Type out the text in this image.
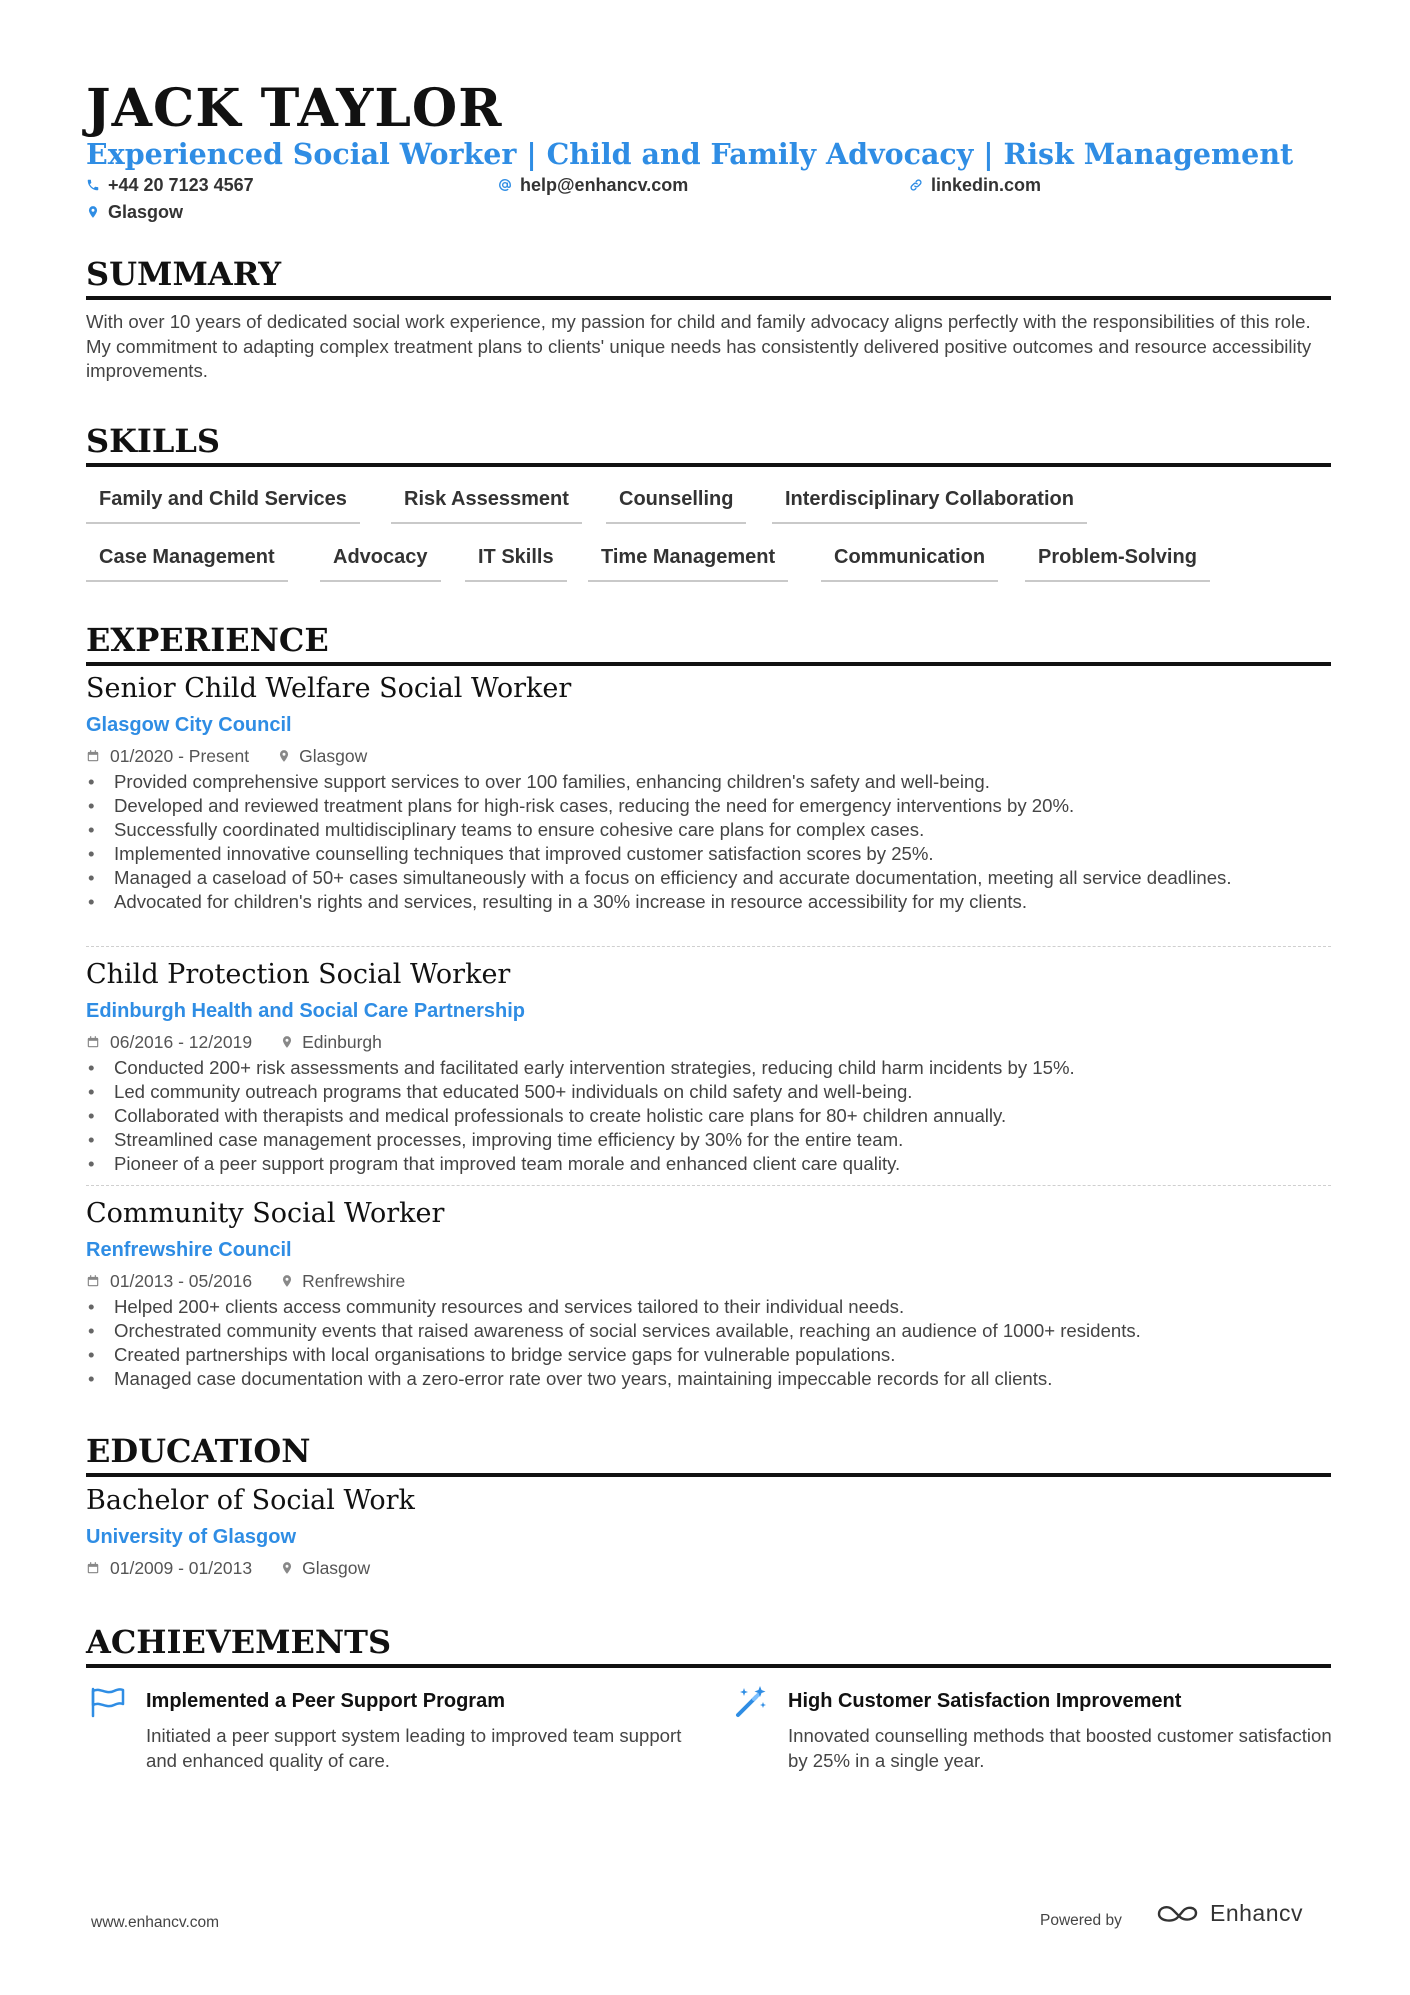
JACK TAYLOR
Experienced Social Worker | Child and Family Advocacy | Risk Management
+44 20 7123 4567	help@enhancv.com	linkedin.com
Glasgow
SUMMARY
With over 10 years of dedicated social work experience, my passion for child and family advocacy aligns perfectly with the responsibilities of this role. My commitment to adapting complex treatment plans to clients' unique needs has consistently delivered positive outcomes and resource accessibility improvements.
SKILLS
Family and Child Services	Risk Assessment	Counselling	Interdisciplinary Collaboration
Case Management	Advocacy	IT Skills	Time Management	Communication	Problem-Solving
EXPERIENCE
Senior Child Welfare Social Worker
Glasgow City Council
01/2020 - Present	Glasgow
• Provided comprehensive support services to over 100 families, enhancing children's safety and well-being.
• Developed and reviewed treatment plans for high-risk cases, reducing the need for emergency interventions by 20%.
• Successfully coordinated multidisciplinary teams to ensure cohesive care plans for complex cases.
• Implemented innovative counselling techniques that improved customer satisfaction scores by 25%.
• Managed a caseload of 50+ cases simultaneously with a focus on efficiency and accurate documentation, meeting all service deadlines.
• Advocated for children's rights and services, resulting in a 30% increase in resource accessibility for my clients.
Child Protection Social Worker
Edinburgh Health and Social Care Partnership
06/2016 - 12/2019	Edinburgh
• Conducted 200+ risk assessments and facilitated early intervention strategies, reducing child harm incidents by 15%.
• Led community outreach programs that educated 500+ individuals on child safety and well-being.
• Collaborated with therapists and medical professionals to create holistic care plans for 80+ children annually.
• Streamlined case management processes, improving time efficiency by 30% for the entire team.
• Pioneer of a peer support program that improved team morale and enhanced client care quality.
Community Social Worker
Renfrewshire Council
01/2013 - 05/2016	Renfrewshire
• Helped 200+ clients access community resources and services tailored to their individual needs.
• Orchestrated community events that raised awareness of social services available, reaching an audience of 1000+ residents.
• Created partnerships with local organisations to bridge service gaps for vulnerable populations.
• Managed case documentation with a zero-error rate over two years, maintaining impeccable records for all clients.
EDUCATION
Bachelor of Social Work
University of Glasgow
01/2009 - 01/2013	Glasgow
ACHIEVEMENTS
Implemented a Peer Support Program
Initiated a peer support system leading to improved team support and enhanced quality of care.
High Customer Satisfaction Improvement
Innovated counselling methods that boosted customer satisfaction by 25% in a single year.
www.enhancv.com	Powered by	Enhancv
